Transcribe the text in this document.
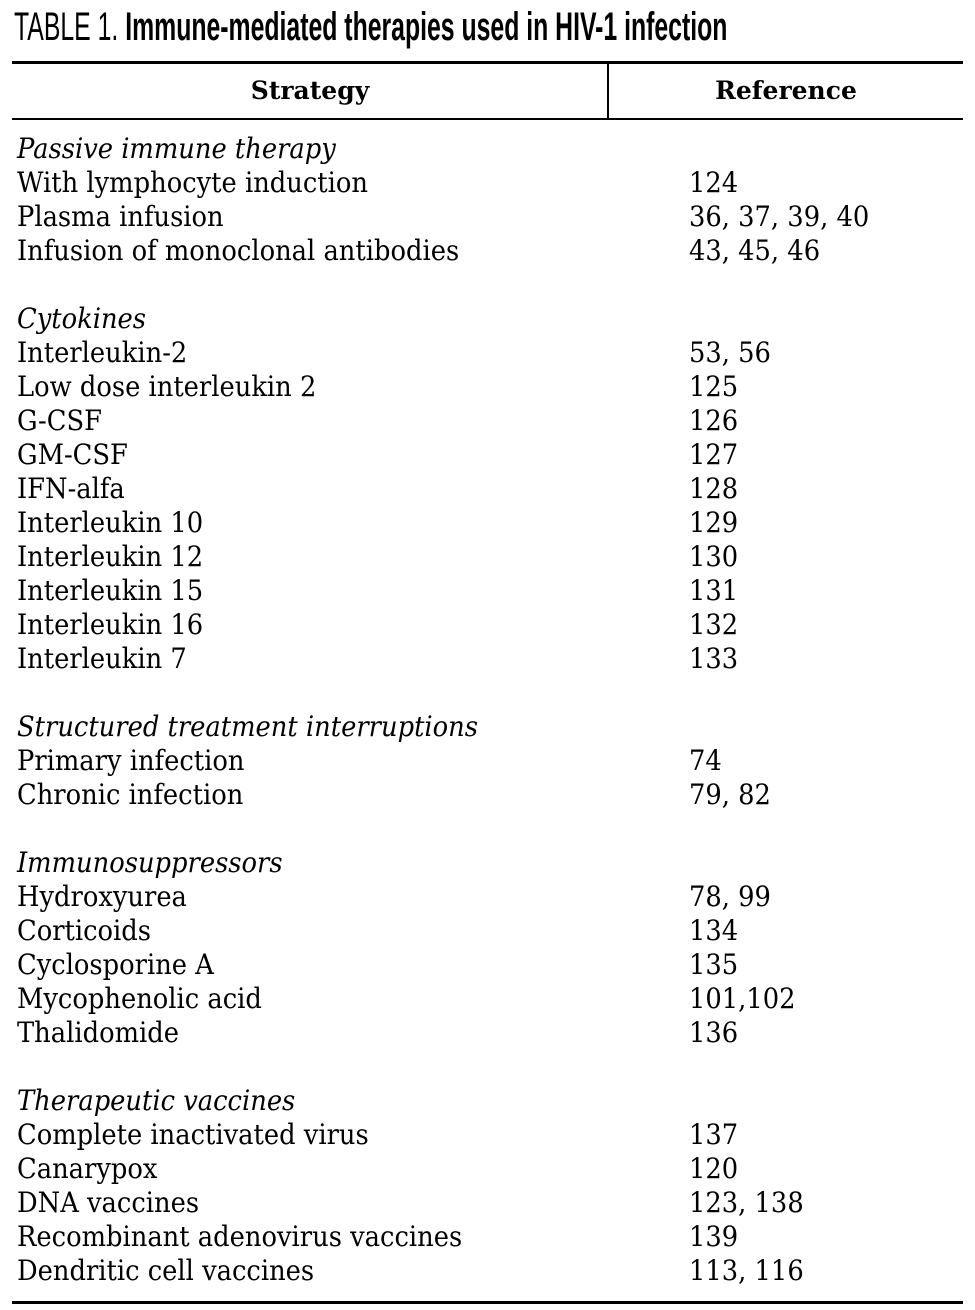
TABLE 1. Immune-mediated therapies used in HIV-1 infection
Strategy	Reference
Passive immune therapy
With lymphocyte induction	124
Plasma infusion	36, 37, 39, 40
Infusion of monoclonal antibodies	43, 45, 46
Cytokines
Interleukin-2	53, 56
Low dose interleukin 2	125
G-CSF	126
GM-CSF	127
IFN-alfa	128
Interleukin 10	129
Interleukin 12	130
Interleukin 15	131
Interleukin 16	132
Interleukin 7	133
Structured treatment interruptions
Primary infection	74
Chronic infection	79, 82
Immunosuppressors
Hydroxyurea	78, 99
Corticoids	134
Cyclosporine A	135
Mycophenolic acid	101,102
Thalidomide	136
Therapeutic vaccines
Complete inactivated virus	137
Canarypox	120
DNA vaccines	123, 138
Recombinant adenovirus vaccines	139
Dendritic cell vaccines	113, 116
